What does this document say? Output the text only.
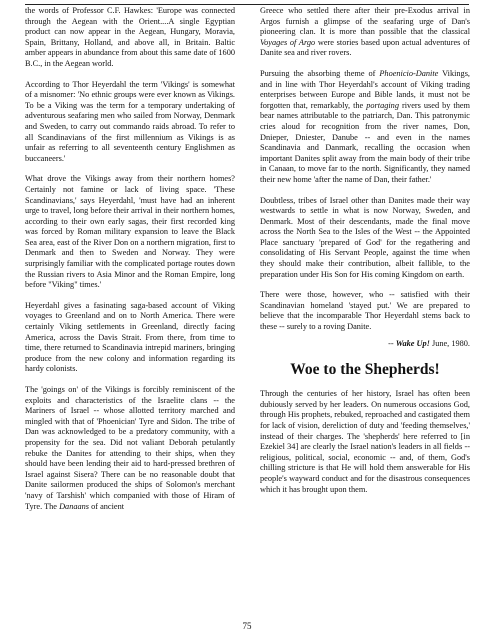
the words of Professor C.F. Hawkes: 'Europe was connected through the Aegean with the Orient....A single Egyptian product can now appear in the Aegean, Hungary, Moravia, Spain, Brittany, Holland, and above all, in Britain. Baltic amber appears in abundance from about this same date of 1600 B.C., in the Aegean world.

According to Thor Heyerdahl the term 'Vikings' is somewhat of a misnomer: 'No ethnic groups were ever known as Vikings. To be a Viking was the term for a temporary undertaking of adventurous seafaring men who sailed from Norway, Denmark and Sweden, to carry out commando raids abroad. To refer to all Scandinavians of the first millennium as Vikings is as unfair as referring to all seventeenth century Englishmen as buccaneers.'

What drove the Vikings away from their northern homes? Certainly not famine or lack of living space. 'These Scandinavians,' says Heyerdahl, 'must have had an inherent urge to travel, long before their arrival in their northern homes, according to their own early sagas, their first recorded king was forced by Roman military expansion to leave the Black Sea area, east of the River Don on a northern migration, first to Denmark and then to Sweden and Norway. They were surprisingly familiar with the complicated portage routes down the Russian rivers to Asia Minor and the Roman Empire, long before "Viking" times.'

Heyerdahl gives a fasinating saga-based account of Viking voyages to Greenland and on to North America. There were certainly Viking settlements in Greenland, directly facing America, across the Davis Strait. From there, from time to time, there returned to Scandinavia intrepid mariners, bringing produce from the new colony and information regarding its hardy colonists.

The 'goings on' of the Vikings is forcibly reminiscent of the exploits and characteristics of the Israelite clans -- the Mariners of Israel -- whose allotted territory marched and mingled with that of 'Phoenician' Tyre and Sidon. The tribe of Dan was acknowledged to be a predatory community, with a propensity for the sea. Did not valiant Deborah petulantly rebuke the Danites for attending to their ships, when they should have been lending their aid to hard-pressed brethren of Israel against Sisera? There can be no reasonable doubt that Danite sailormen produced the ships of Solomon's merchant 'navy of Tarshish' which companied with those of Hiram of Tyre. The Danaans of ancient

Greece who settled there after their pre-Exodus arrival in Argos furnish a glimpse of the seafaring urge of Dan's pioneering clan. It is more than possible that the classical Voyages of Argo were stories based upon actual adventures of Danite sea and river rovers.

Pursuing the absorbing theme of Phoenicio-Danite Vikings, and in line with Thor Heyerdahl's account of Viking trading enterprises between Europe and Bible lands, it must not be forgotten that, remarkably, the portaging rivers used by them bear names attributable to the patriarch, Dan. This patronymic cries aloud for recognition from the river names, Don, Dnieper, Dniester, Danube -- and even in the names Scandinavia and Danmark, recalling the occasion when important Danites split away from the main body of their tribe in Canaan, to move far to the north. Significantly, they named their new home 'after the name of Dan, their father.'

Doubtless, tribes of Israel other than Danites made their way westwards to settle in what is now Norway, Sweden, and Denmark. Most of their descendants, made the final move across the North Sea to the Isles of the West -- the Appointed Place sanctuary 'prepared of God' for the regathering and consolidating of His Servant People, against the time when they should make their contribution, albeit fallible, to the preparation under His Son for His coming Kingdom on earth.

There were those, however, who -- satisfied with their Scandinavian homeland 'stayed put.' We are prepared to believe that the incomparable Thor Heyerdahl stems back to these -- surely to a roving Danite.

-- Wake Up! June, 1980.

Woe to the Shepherds!

Through the centuries of her history, Israel has often been dubiously served by her leaders. On numerous occasions God, through His prophets, rebuked, reproached and castigated them for lack of vision, dereliction of duty and 'feeding themselves,' instead of their charges. The 'shepherds' here referred to [in Ezekiel 34] are clearly the Israel nation's leaders in all fields -- religious, political, social, economic -- and, of them, God's chilling stricture is that He will hold them answerable for His people's wayward conduct and for the disastrous consequences which it has brought upon them.

75
